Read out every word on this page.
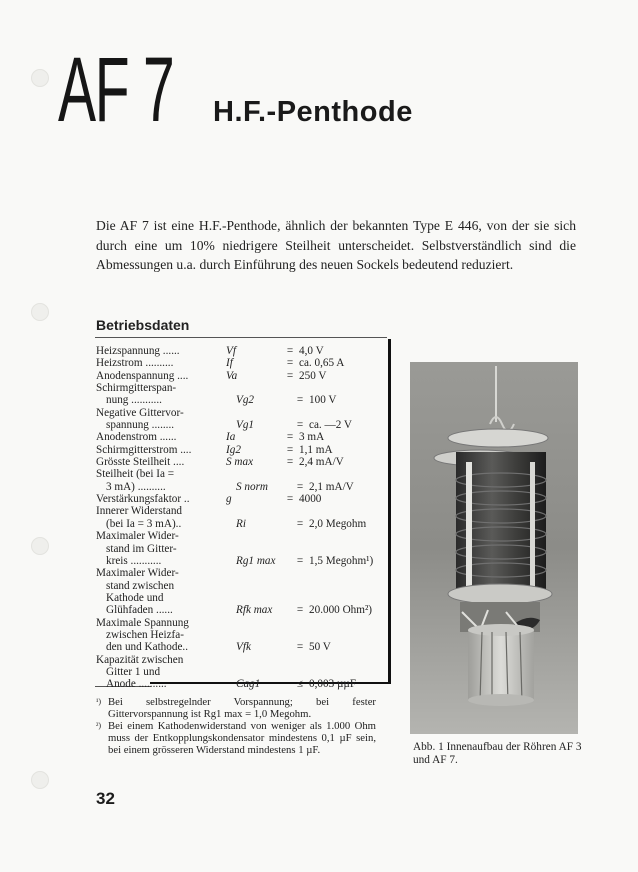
AF 7 H.F.-Penthode
Die AF 7 ist eine H.F.-Penthode, ähnlich der bekannten Type E 446, von der sie sich durch eine um 10% niedrigere Steilheit unterscheidet. Selbstverständlich sind die Abmessungen u.a. durch Einführung des neuen Sockels bedeutend reduziert.
Betriebsdaten
Heizspannung ......	Vf	= 4,0 V
Heizstrom ..........	If	= ca. 0,65 A
Anodenspannung ....	Va	= 250 V
Schirmgitterspan-
nung ...........	Vg2	= 100 V
Negative Gittervor-
spannung ........	Vg1	= ca. —2 V
Anodenstrom ......	Ia	= 3 mA
Schirmgitterstrom ....	Ig2	= 1,1 mA
Grösste Steilheit ....	S max	= 2,4 mA/V
Steilheit (bei Ia =
3 mA) ..........	S norm	= 2,1 mA/V
Verstärkungsfaktor ..	g	= 4000
Innerer Widerstand
(bei Ia = 3 mA)..	Ri	= 2,0 Megohm
Maximaler Wider-
stand im Gitter-
kreis ...........	Rg1 max	= 1,5 Megohm¹)
Maximaler Wider-
stand zwischen
Kathode und
Glühfaden ......	Rfk max	= 20.000 Ohm²)
Maximale Spannung
zwischen Heizfa-
den und Kathode..	Vfk	= 50 V
Kapazität zwischen
Gitter 1 und
Anode ..........	Cag1	≤ 0,003 µµF
¹) Bei selbstregelnder Vorspannung; bei fester Gittervorspannung ist Rg1 max = 1,0 Megohm.
²) Bei einem Kathodenwiderstand von weniger als 1.000 Ohm muss der Entkopplungskondensator mindestens 0,1 µF sein, bei einem grösseren Widerstand mindestens 1 µF.	Abb. 1 Innenaufbau der Röhren AF 3 und AF 7.
32
